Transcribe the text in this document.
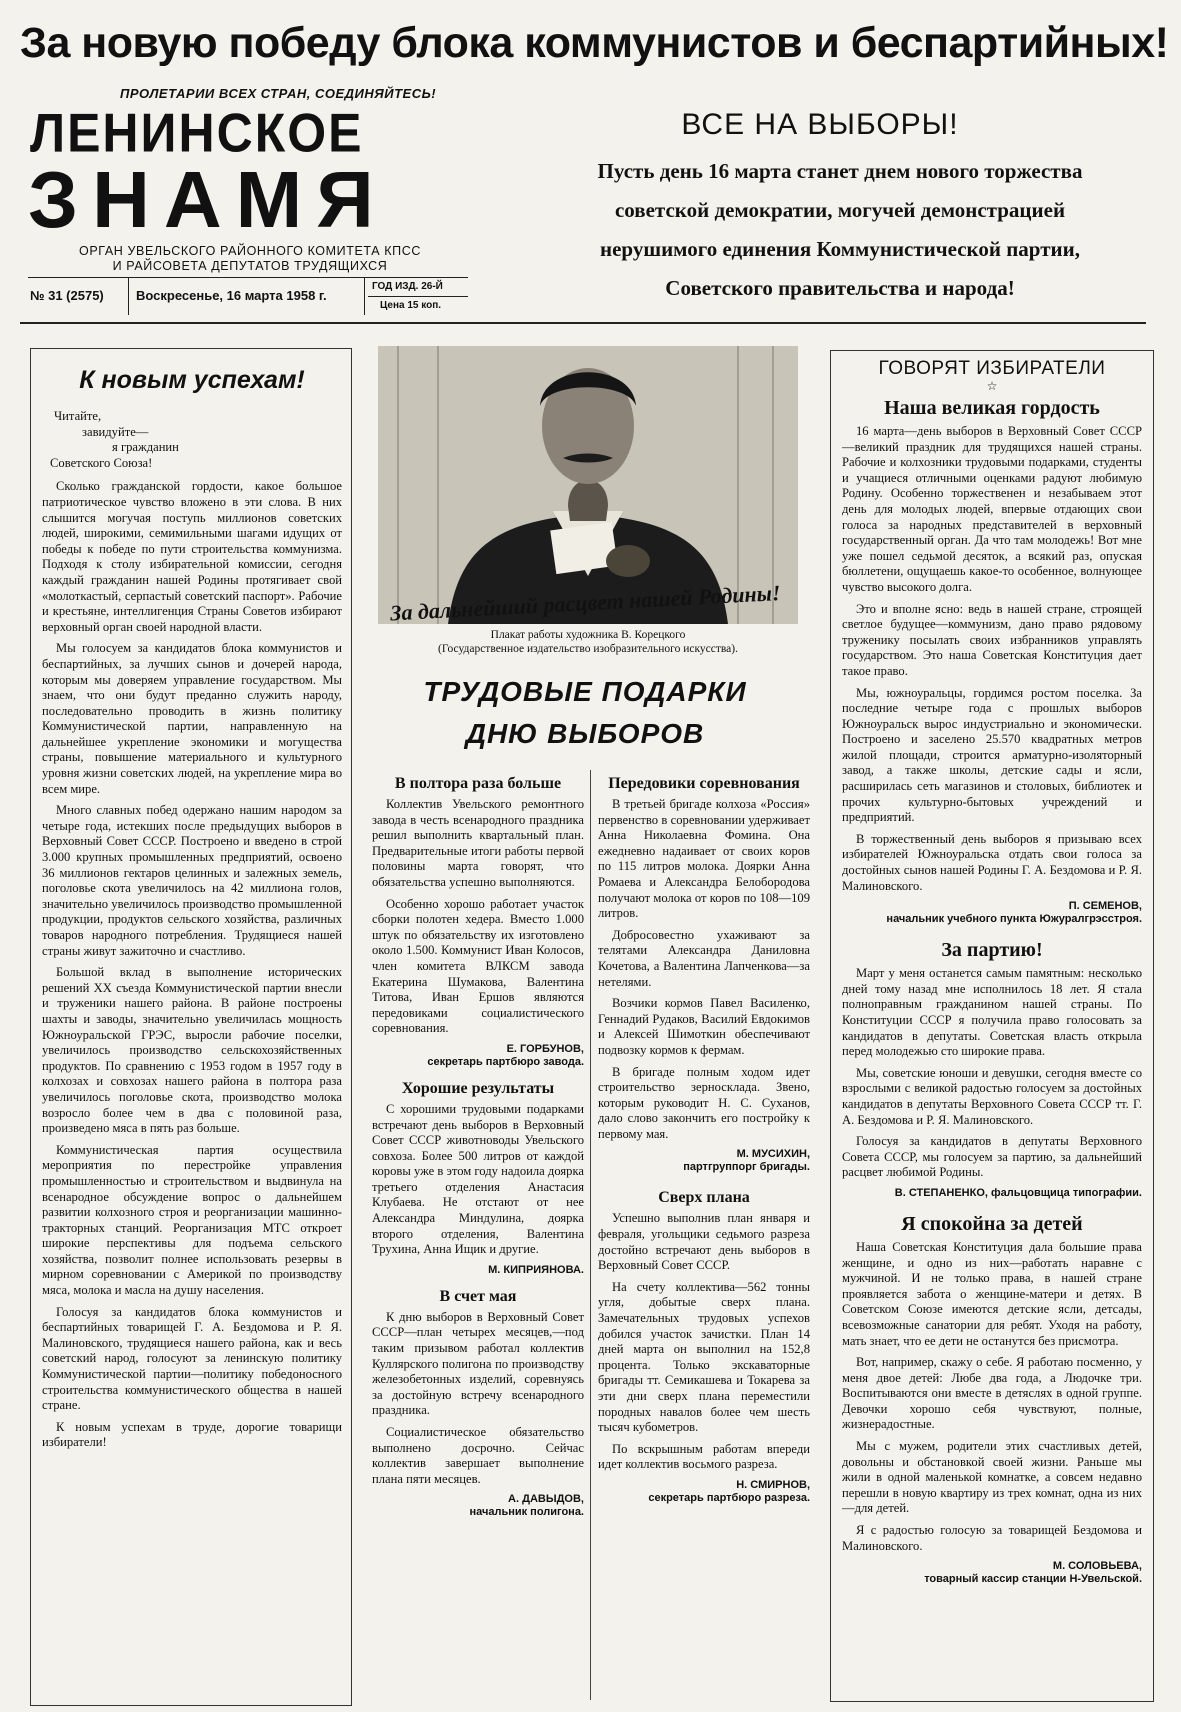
За новую победу блока коммунистов и беспартийных!
ПРОЛЕТАРИИ ВСЕХ СТРАН, СОЕДИНЯЙТЕСЬ!
ЛЕНИНСКОЕ
ЗНАМЯ
ОРГАН УВЕЛЬСКОГО РАЙОННОГО КОМИТЕТА КПСС
И РАЙСОВЕТА ДЕПУТАТОВ ТРУДЯЩИХСЯ
№ 31 (2575) Воскресенье, 16 марта 1958 г.
ГОД ИЗД. 26-Й
Цена 15 коп.
ВСЕ НА ВЫБОРЫ!
Пусть день 16 марта станет днем нового торжества
советской демократии, могучей демонстрацией
нерушимого единения Коммунистической партии,
Советского правительства и народа!
К новым успехам!
Читайте,
завидуйте—
я гражданин
Советского Союза!

Сколько гражданской гордости, какое большое патриотическое чувство вложено в эти слова. В них слышится могучая поступь миллионов советских людей, широкими, семимильными шагами идущих от победы к победе по пути строительства коммунизма. Подходя к столу избирательной комиссии, сегодня каждый гражданин нашей Родины протягивает свой «молоткастый, серпастый советский паспорт». Рабочие и крестьяне, интеллигенция Страны Советов избирают верховный орган своей народной власти.

Мы голосуем за кандидатов блока коммунистов и беспартийных, за лучших сынов и дочерей народа, которым мы доверяем управление государством. Мы знаем, что они будут преданно служить народу, последовательно проводить в жизнь политику Коммунистической партии, направленную на дальнейшее укрепление экономики и могущества страны, повышение материального и культурного уровня жизни советских людей, на укрепление мира во всем мире.

Много славных побед одержано нашим народом за четыре года, истекших после предыдущих выборов в Верховный Совет СССР. Построено и введено в строй 3.000 крупных промышленных предприятий, освоено 36 миллионов гектаров целинных и залежных земель, поголовье скота увеличилось на 42 миллиона голов, значительно увеличилось производство промышленной продукции, продуктов сельского хозяйства, различных товаров народного потребления. Трудящиеся нашей страны живут зажиточно и счастливо.

Большой вклад в выполнение исторических решений XX съезда Коммунистической партии внесли и труженики нашего района. В районе построены шахты и заводы, значительно увеличилась мощность Южноуральской ГРЭС, выросли рабочие поселки, увеличилось производство сельскохозяйственных продуктов. По сравнению с 1953 годом в 1957 году в колхозах и совхозах нашего района в полтора раза увеличилось поголовье скота, производство молока возросло более чем в два с половиной раза, произведено мяса в пять раз больше.

Коммунистическая партия осуществила мероприятия по перестройке управления промышленностью и строительством и выдвинула на всенародное обсуждение вопрос о дальнейшем развитии колхозного строя и реорганизации машинно-тракторных станций. Реорганизация МТС откроет широкие перспективы для подъема сельского хозяйства, позволит полнее использовать резервы в мирном соревновании с Америкой по производству мяса, молока и масла на душу населения.

Голосуя за кандидатов блока коммунистов и беспартийных товарищей Г. А. Бездомова и Р. Я. Малиновского, трудящиеся нашего района, как и весь советский народ, голосуют за ленинскую политику Коммунистической партии—политику победоносного строительства коммунистического общества в нашей стране.

К новым успехам в труде, дорогие товарищи избиратели!

За дальнейший расцвет нашей Родины!
Плакат работы художника В. Корецкого
(Государственное издательство изобразительного искусства).
ТРУДОВЫЕ ПОДАРКИ
ДНЮ ВЫБОРОВ
В полтора раза больше

Коллектив Увельского ремонтного завода в честь всенародного праздника решил выполнить квартальный план. Предварительные итоги работы первой половины марта говорят, что обязательства успешно выполняются.

Особенно хорошо работает участок сборки полотен хедера. Вместо 1.000 штук по обязательству их изготовлено около 1.500. Коммунист Иван Колосов, член комитета ВЛКСМ завода Екатерина Шумакова, Валентина Титова, Иван Ершов являются передовиками социалистического соревнования.

Е. ГОРБУНОВ,
секретарь партбюро завода.
Хорошие результаты

С хорошими трудовыми подарками встречают день выборов в Верховный Совет СССР животноводы Увельского совхоза. Более 500 литров от каждой коровы уже в этом году надоила доярка третьего отделения Анастасия Клубаева. Не отстают от нее Александра Миндулина, доярка второго отделения, Валентина Трухина, Анна Ищик и другие.

М. КИПРИЯНОВА.
В счет мая

К дню выборов в Верховный Совет СССР—план четырех месяцев,—под таким призывом работал коллектив Куллярского полигона по производству железобетонных изделий, соревнуясь за достойную встречу всенародного праздника.

Социалистическое обязательство выполнено досрочно. Сейчас коллектив завершает выполнение плана пяти месяцев.

А. ДАВЫДОВ,
начальник полигона.
Передовики соревнования

В третьей бригаде колхоза «Россия» первенство в соревновании удерживает Анна Николаевна Фомина. Она ежедневно надаивает от своих коров по 115 литров молока. Доярки Анна Ромаева и Александра Белобородова получают молока от коров по 108—109 литров.

Добросовестно ухаживают за телятами Александра Даниловна Кочетова, а Валентина Лапченкова—за нетелями.

Возчики кормов Павел Василенко, Геннадий Рудаков, Василий Евдокимов и Алексей Шимоткин обеспечивают подвозку кормов к фермам.

В бригаде полным ходом идет строительство зерносклада. Звено, которым руководит Н. С. Суханов, дало слово закончить его постройку к первому мая.

М. МУСИХИН,
партгруппорг бригады.
Сверх плана

Успешно выполнив план января и февраля, угольщики седьмого разреза достойно встречают день выборов в Верховный Совет СССР.

На счету коллектива—562 тонны угля, добытые сверх плана. Замечательных трудовых успехов добился участок зачистки. План 14 дней марта он выполнил на 152,8 процента. Только экскаваторные бригады тт. Семикашева и Токарева за эти дни сверх плана переместили породных навалов более чем шесть тысяч кубометров.

По вскрышным работам впереди идет коллектив восьмого разреза.

Н. СМИРНОВ,
секретарь партбюро разреза.
ГОВОРЯТ ИЗБИРАТЕЛИ
☆
Наша великая гордость

16 марта—день выборов в Верховный Совет СССР—великий праздник для трудящихся нашей страны. Рабочие и колхозники трудовыми подарками, студенты и учащиеся отличными оценками радуют любимую Родину. Особенно торжественен и незабываем этот день для молодых людей, впервые отдающих свои голоса за народных представителей в верховный государственный орган. Да что там молодежь! Вот мне уже пошел седьмой десяток, а всякий раз, опуская бюллетени, ощущаешь какое-то особенное, волнующее чувство высокого долга.

Это и вполне ясно: ведь в нашей стране, строящей светлое будущее—коммунизм, дано право рядовому труженику посылать своих избранников управлять государством. Это наша Советская Конституция дает такое право.

Мы, южноуральцы, гордимся ростом поселка. За последние четыре года с прошлых выборов Южноуральск вырос индустриально и экономически. Построено и заселено 25.570 квадратных метров жилой площади, строится арматурно-изоляторный завод, а также школы, детские сады и ясли, расширилась сеть магазинов и столовых, библиотек и прочих культурно-бытовых учреждений и предприятий.

В торжественный день выборов я призываю всех избирателей Южноуральска отдать свои голоса за достойных сынов нашей Родины Г. А. Бездомова и Р. Я. Малиновского.

П. СЕМЕНОВ,
начальник учебного пункта Южуралгрэсстроя.
За партию!

Март у меня останется самым памятным: несколько дней тому назад мне исполнилось 18 лет. Я стала полноправным гражданином нашей страны. По Конституции СССР я получила право голосовать за кандидатов в депутаты. Советская власть открыла перед молодежью сто широкие права.

Мы, советские юноши и девушки, сегодня вместе со взрослыми с великой радостью голосуем за достойных кандидатов в депутаты Верховного Совета СССР тт. Г. А. Бездомова и Р. Я. Малиновского.

Голосуя за кандидатов в депутаты Верховного Совета СССР, мы голосуем за партию, за дальнейший расцвет любимой Родины.

В. СТЕПАНЕНКО, фальцовщица типографии.
Я спокойна за детей

Наша Советская Конституция дала большие права женщине, и одно из них—работать наравне с мужчиной. И не только права, в нашей стране проявляется забота о женщине-матери и детях. В Советском Союзе имеются детские ясли, детсады, всевозможные санатории для ребят. Уходя на работу, мать знает, что ее дети не останутся без присмотра.

Вот, например, скажу о себе. Я работаю посменно, у меня двое детей: Любе два года, а Людочке три. Воспитываются они вместе в детяслях в одной группе. Девочки хорошо себя чувствуют, полные, жизнерадостные.

Мы с мужем, родители этих счастливых детей, довольны и обстановкой своей жизни. Раньше мы жили в одной маленькой комнатке, а совсем недавно перешли в новую квартиру из трех комнат, одна из них—для детей.

Я с радостью голосую за товарищей Бездомова и Малиновского.

М. СОЛОВЬЕВА,
товарный кассир станции Н-Увельской.
